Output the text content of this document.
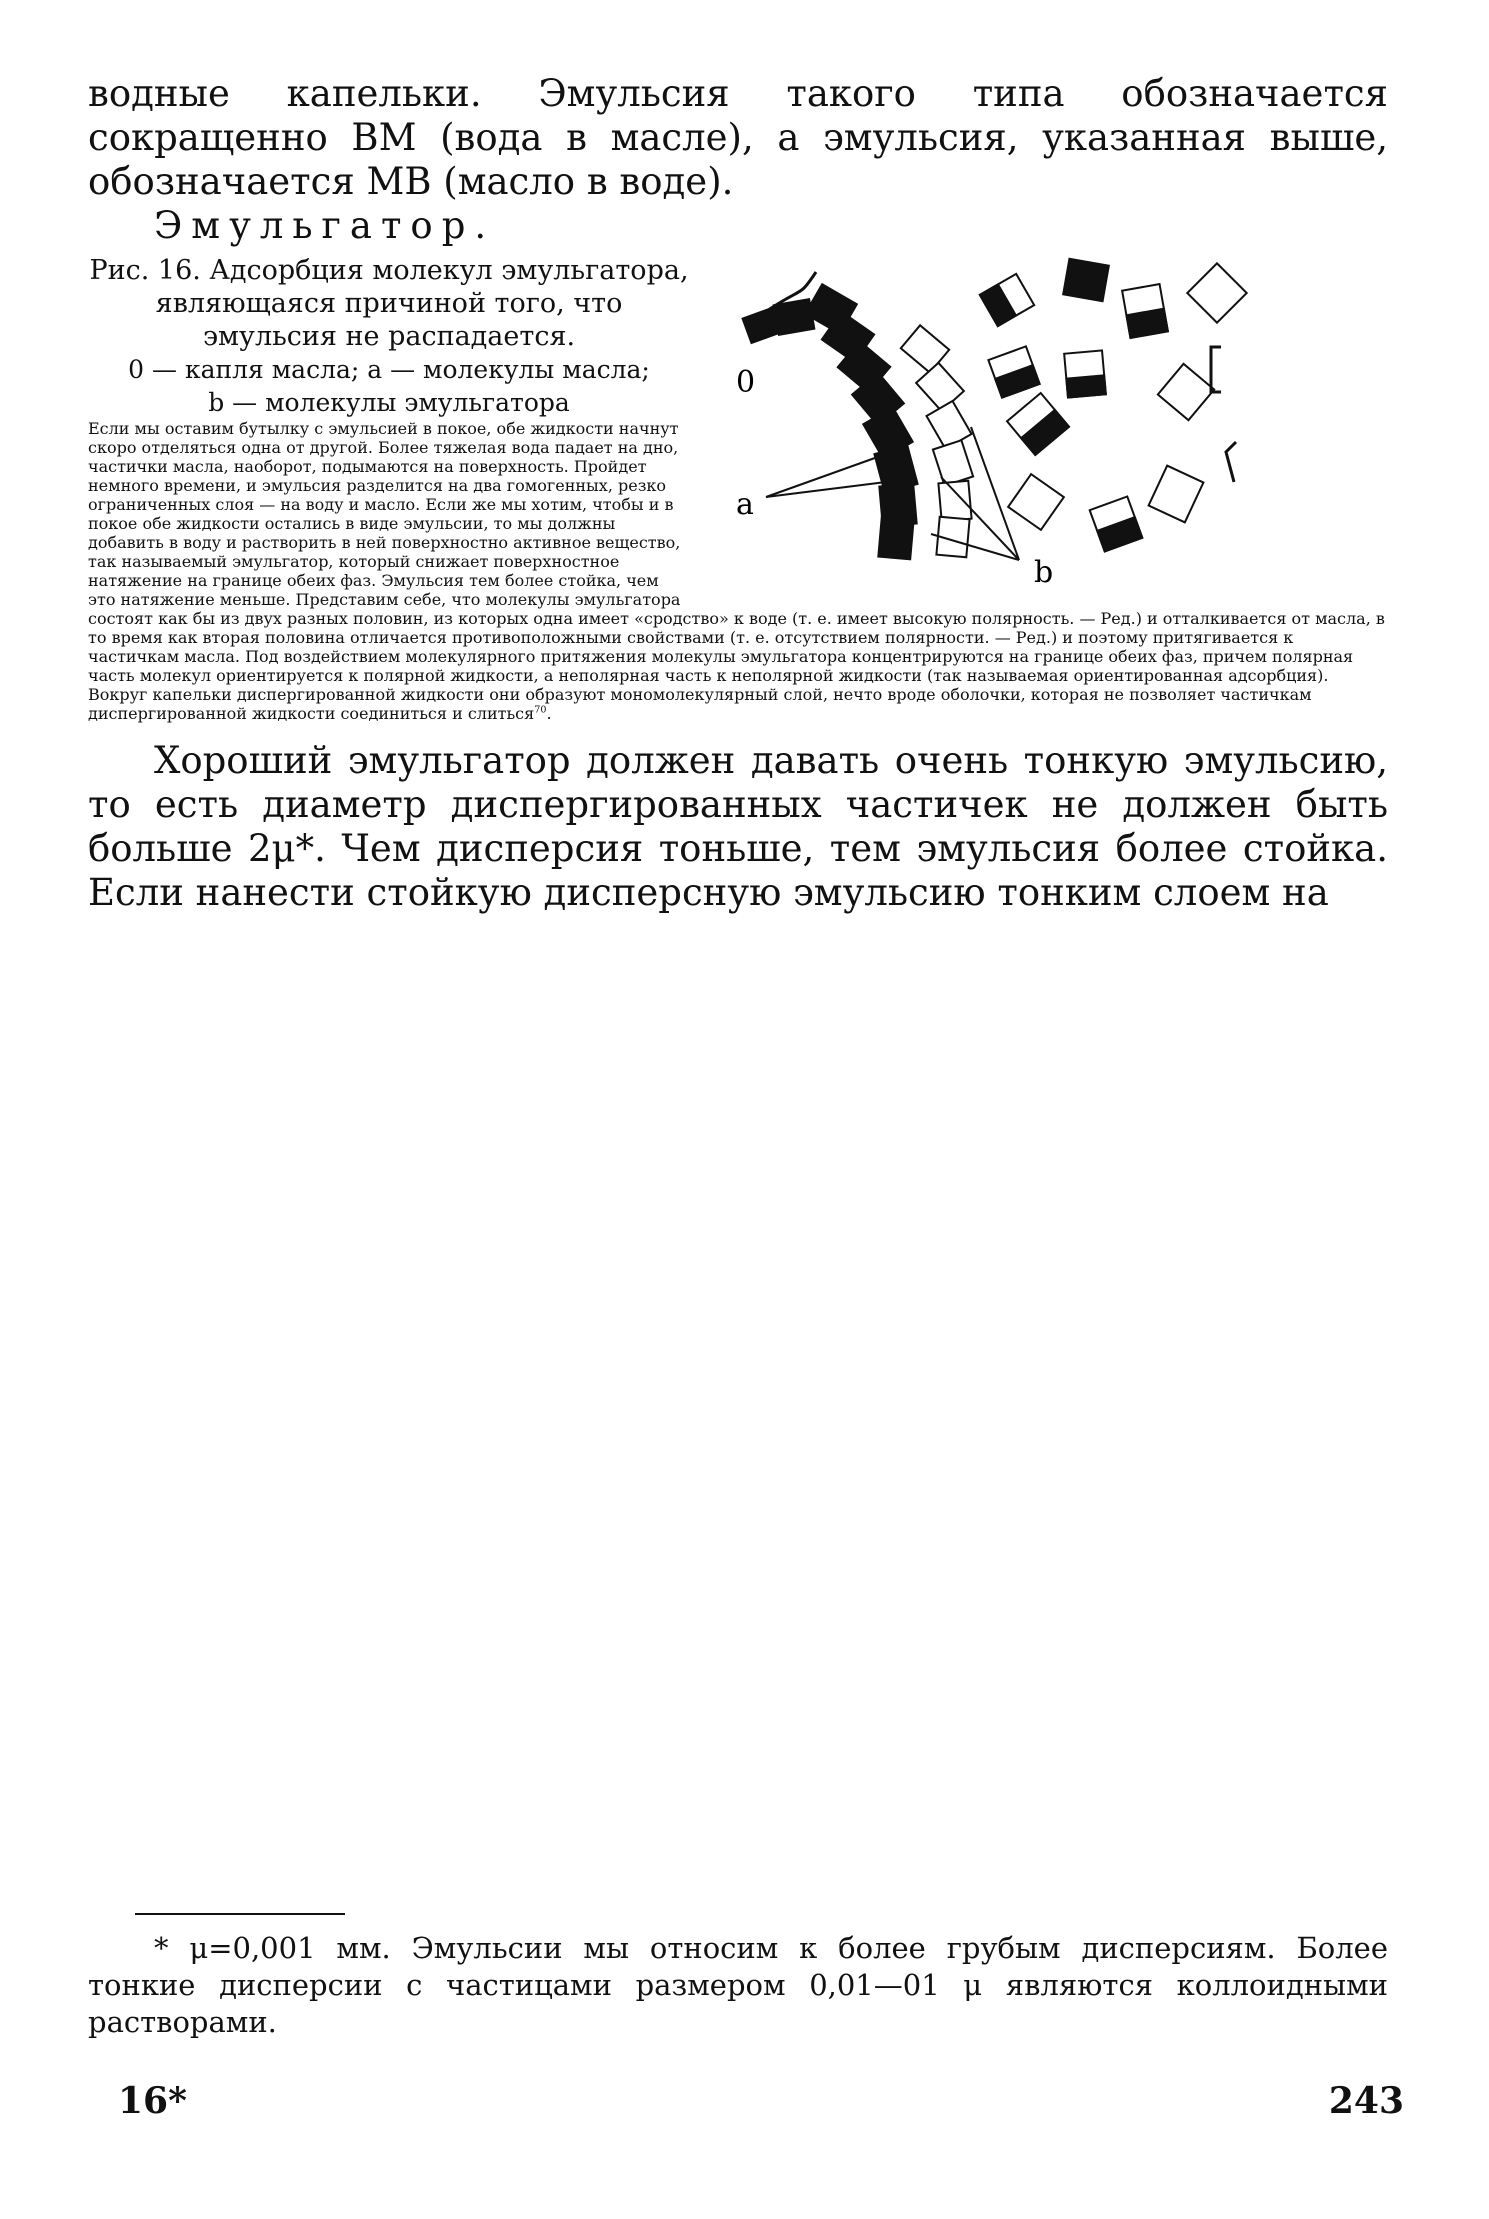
водные капельки. Эмульсия такого типа обозначается сокращенно ВМ (вода в масле), а эмульсия, указанная выше, обозначается МВ (масло в воде).

Эмульгатор.
0
a
b

Рис. 16. Адсорбция молекул эмульгатора, являющаяся причиной того, что эмульсия не распадается.
0 — капля масла; а — молекулы масла;
b — молекулы эмульгатора
Если мы оставим бутылку с эмульсией в покое, обе жидкости начнут скоро отделяться одна от другой. Более тяжелая вода падает на дно, частички масла, наоборот, подымаются на поверхность. Пройдет немного времени, и эмульсия разделится на два гомогенных, резко ограниченных слоя — на воду и масло. Если же мы хотим, чтобы и в покое обе жидкости остались в виде эмульсии, то мы должны добавить в воду и растворить в ней поверхностно активное вещество, так называемый эмульгатор, который снижает поверхностное натяжение на границе обеих фаз. Эмульсия тем более стойка, чем это натяжение меньше. Представим себе, что молекулы эмульгатора состоят как бы из двух разных половин, из которых одна имеет «сродство» к воде (т. е. имеет высокую полярность. — Ред.) и отталкивается от масла, в то время как вторая половина отличается противоположными свойствами (т. е. отсутствием полярности. — Ред.) и поэтому притягивается к частичкам масла. Под воздействием молекулярного притяжения молекулы эмульгатора концентрируются на границе обеих фаз, причем полярная часть молекул ориентируется к полярной жидкости, а неполярная часть к неполярной жидкости (так называемая ориентированная адсорбция). Вокруг капельки диспергированной жидкости они образуют мономолекулярный слой, нечто вроде оболочки, которая не позволяет частичкам диспергированной жидкости соединиться и слиться$^{70}$.

Хороший эмульгатор должен давать очень тонкую эмульсию, то есть диаметр диспергированных частичек не должен быть больше 2μ*. Чем дисперсия тоньше, тем эмульсия более стойка. Если нанести стойкую дисперсную эмульсию тонким слоем на

* μ=0,001 мм. Эмульсии мы относим к более грубым дисперсиям. Более тонкие дисперсии с частицами размером 0,01—01 μ являются коллоидными растворами.
16*	243
